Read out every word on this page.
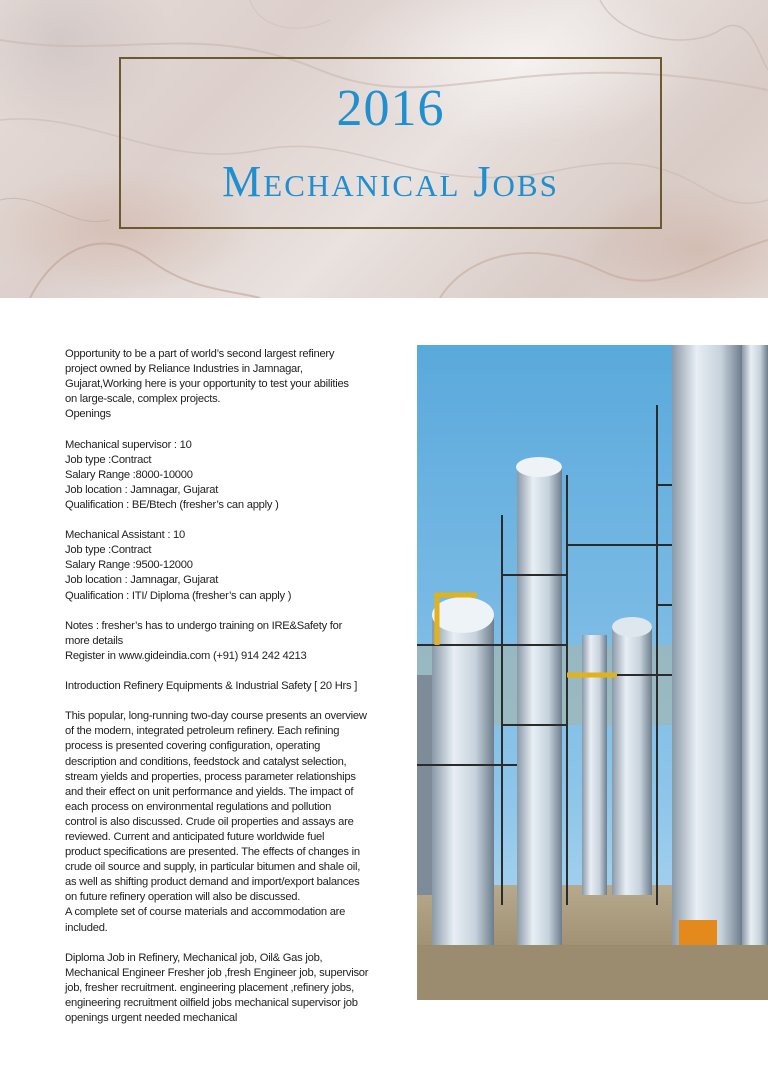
2016
Mechanical Jobs

Opportunity to be a part of world’s second largest refinery
project owned by Reliance Industries in Jamnagar,
Gujarat,Working here is your opportunity to test your abilities
on large-scale, complex projects.
Openings

Mechanical supervisor : 10
Job type :Contract
Salary Range :8000-10000
Job location : Jamnagar, Gujarat
Qualification : BE/Btech (fresher’s can apply )

Mechanical Assistant : 10
Job type :Contract
Salary Range :9500-12000
Job location : Jamnagar, Gujarat
Qualification : ITI/ Diploma (fresher’s can apply )

Notes : fresher’s has to undergo training on IRE&Safety for
more details
Register in www.gideindia.com (+91) 914 242 4213

Introduction Refinery Equipments & Industrial Safety [ 20 Hrs ]

This popular, long-running two-day course presents an overview
of the modern, integrated petroleum refinery. Each refining
process is presented covering configuration, operating
description and conditions, feedstock and catalyst selection,
stream yields and properties, process parameter relationships
and their effect on unit performance and yields. The impact of
each process on environmental regulations and pollution
control is also discussed. Crude oil properties and assays are
reviewed. Current and anticipated future worldwide fuel
product specifications are presented. The effects of changes in
crude oil source and supply, in particular bitumen and shale oil,
as well as shifting product demand and import/export balances
on future refinery operation will also be discussed.
A complete set of course materials and accommodation are
included.

Diploma Job in Refinery, Mechanical job, Oil& Gas job,
Mechanical Engineer Fresher job ,fresh Engineer job, supervisor
job, fresher recruitment. engineering placement ,refinery jobs,
engineering recruitment oilfield jobs mechanical supervisor job
openings urgent needed mechanical
